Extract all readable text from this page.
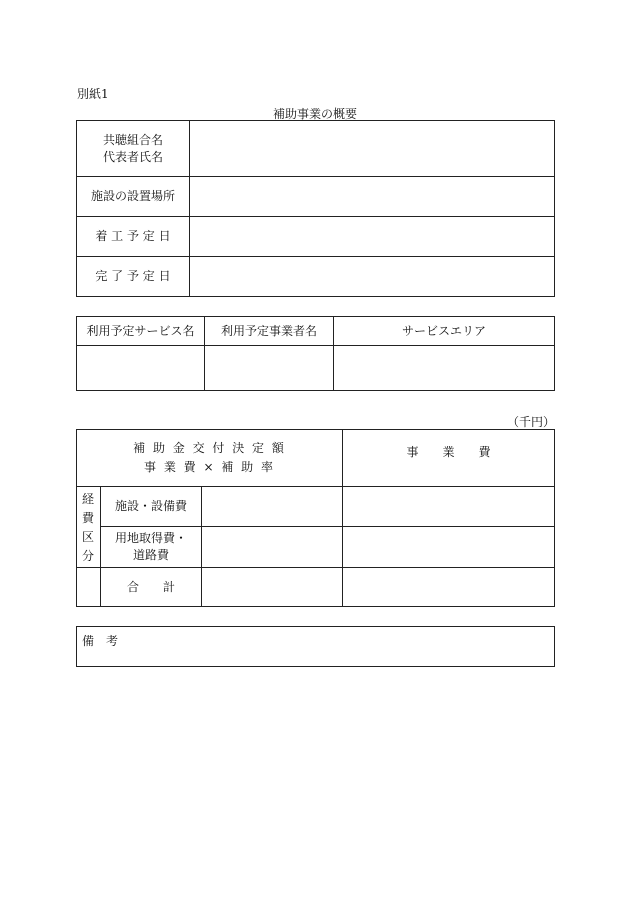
別紙1
補助事業の概要
共聴組合名
代表者氏名
施設の設置場所
着 工 予 定 日
完 了 予 定 日
利用予定サービス名	利用予定事業者名	サービスエリア
（千円）
補 助 金 交 付 決 定 額
事 業 費 × 補 助 率
事　　業　　費
経
費
区
分
施設・設備費
用地取得費・
道路費
合　　計
備　考
